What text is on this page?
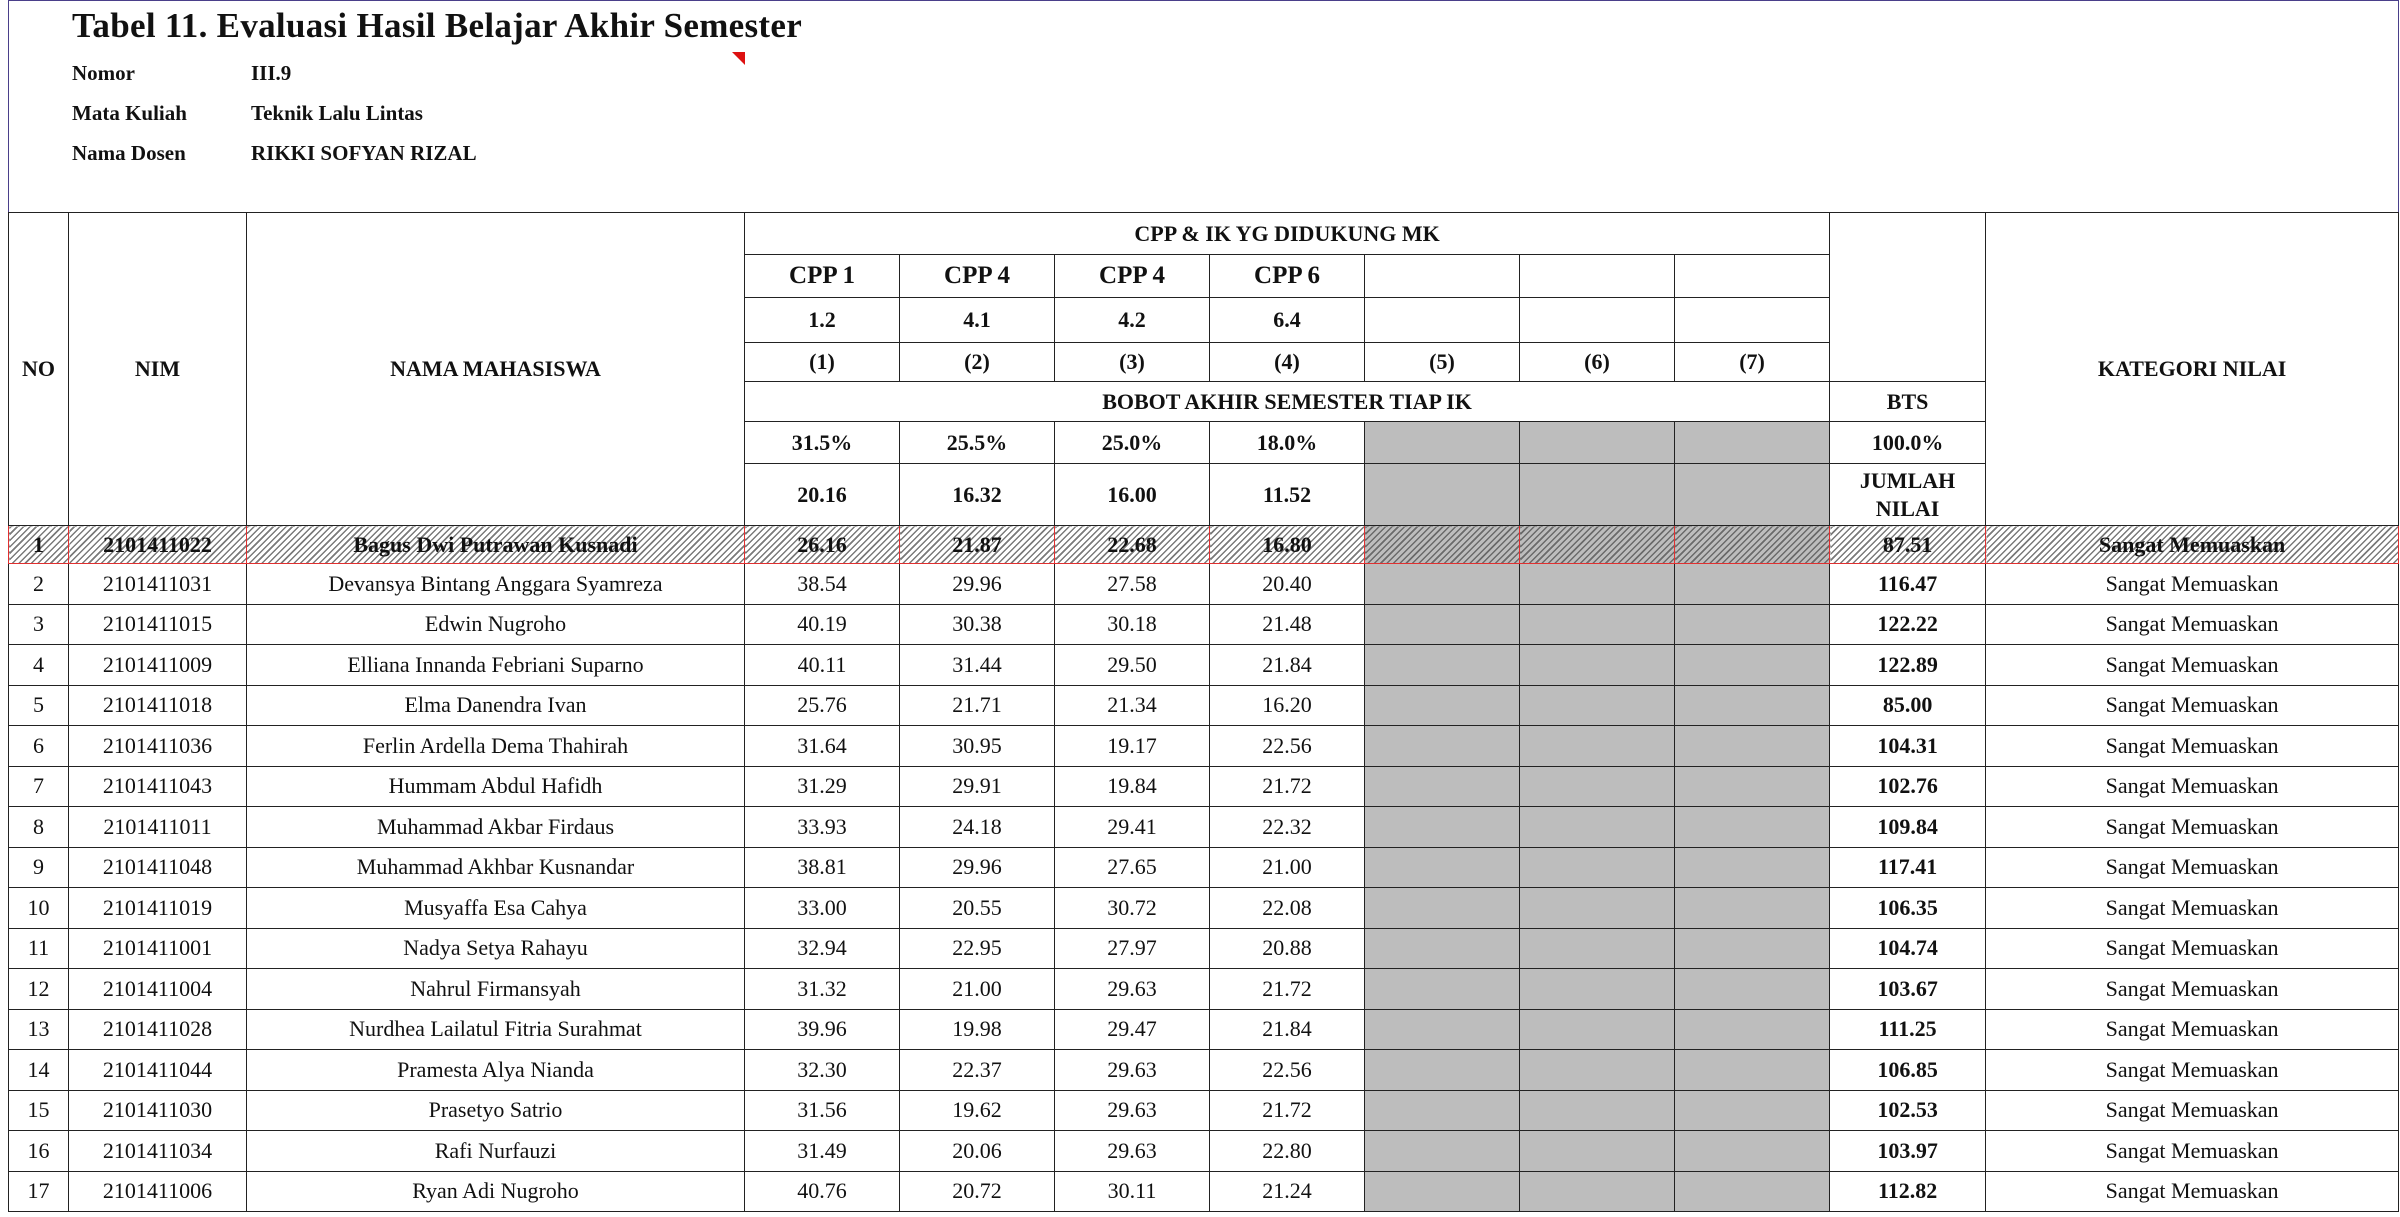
Tabel 11. Evaluasi Hasil Belajar Akhir Semester
Nomor	III.9
Mata Kuliah	Teknik Lalu Lintas
Nama Dosen	RIKKI SOFYAN RIZAL
NO	NIM	NAMA MAHASISWA	CPP & IK YG DIDUKUNG MK								KATEGORI NILAI
			CPP 1	CPP 4	CPP 4	CPP 6					
			1.2	4.1	4.2	6.4					
			(1)	(2)	(3)	(4)	(5)	(6)	(7)		
			BOBOT AKHIR SEMESTER TIAP IK							BTS	
			31.5%	25.5%	25.0%	18.0%				100.0%	
			20.16	16.32	16.00	11.52				JUMLAH
NILAI	
1	2101411022	Bagus Dwi Putrawan Kusnadi	26.16	21.87	22.68	16.80				87.51	Sangat Memuaskan
2	2101411031	Devansya Bintang Anggara Syamreza	38.54	29.96	27.58	20.40				116.47	Sangat Memuaskan
3	2101411015	Edwin Nugroho	40.19	30.38	30.18	21.48				122.22	Sangat Memuaskan
4	2101411009	Elliana Innanda Febriani Suparno	40.11	31.44	29.50	21.84				122.89	Sangat Memuaskan
5	2101411018	Elma Danendra Ivan	25.76	21.71	21.34	16.20				85.00	Sangat Memuaskan
6	2101411036	Ferlin Ardella Dema Thahirah	31.64	30.95	19.17	22.56				104.31	Sangat Memuaskan
7	2101411043	Hummam Abdul Hafidh	31.29	29.91	19.84	21.72				102.76	Sangat Memuaskan
8	2101411011	Muhammad Akbar Firdaus	33.93	24.18	29.41	22.32				109.84	Sangat Memuaskan
9	2101411048	Muhammad Akhbar Kusnandar	38.81	29.96	27.65	21.00				117.41	Sangat Memuaskan
10	2101411019	Musyaffa Esa Cahya	33.00	20.55	30.72	22.08				106.35	Sangat Memuaskan
11	2101411001	Nadya Setya Rahayu	32.94	22.95	27.97	20.88				104.74	Sangat Memuaskan
12	2101411004	Nahrul Firmansyah	31.32	21.00	29.63	21.72				103.67	Sangat Memuaskan
13	2101411028	Nurdhea Lailatul Fitria Surahmat	39.96	19.98	29.47	21.84				111.25	Sangat Memuaskan
14	2101411044	Pramesta Alya Nianda	32.30	22.37	29.63	22.56				106.85	Sangat Memuaskan
15	2101411030	Prasetyo Satrio	31.56	19.62	29.63	21.72				102.53	Sangat Memuaskan
16	2101411034	Rafi Nurfauzi	31.49	20.06	29.63	22.80				103.97	Sangat Memuaskan
17	2101411006	Ryan Adi Nugroho	40.76	20.72	30.11	21.24				112.82	Sangat Memuaskan
